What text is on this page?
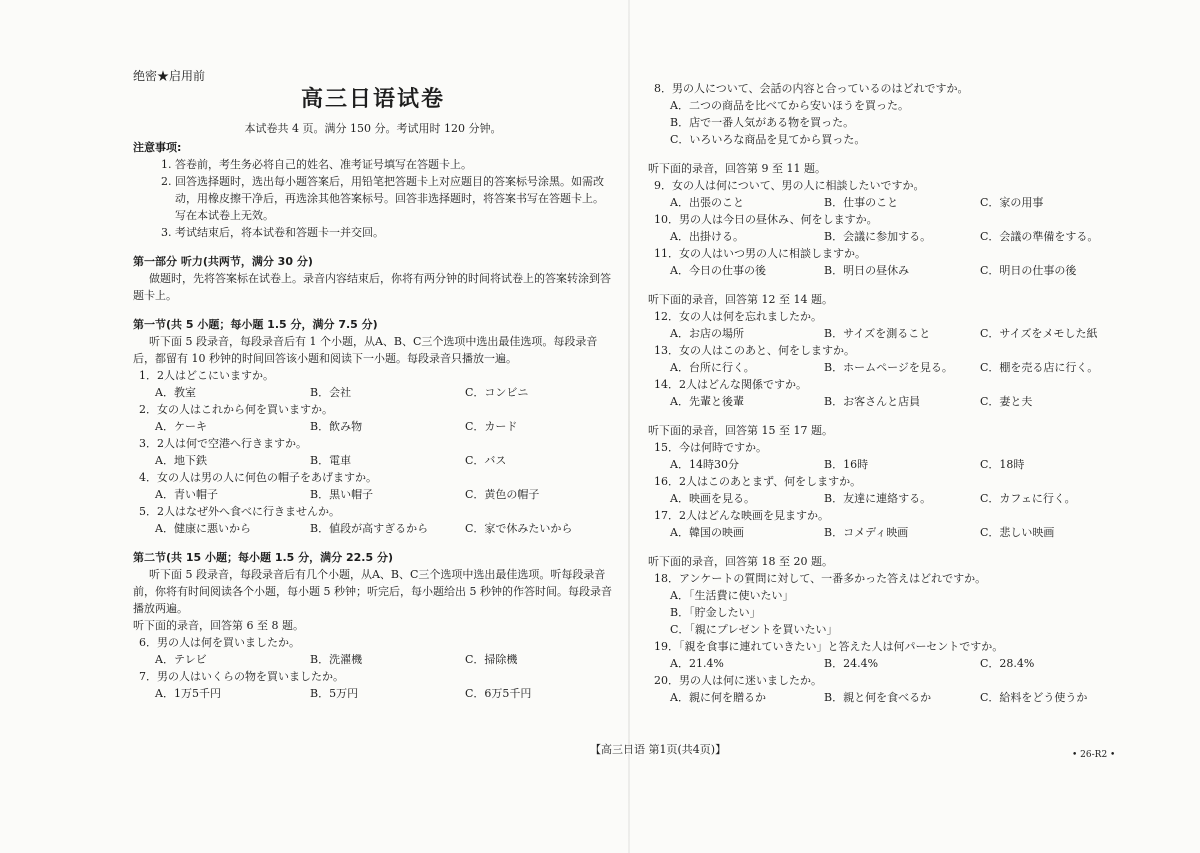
绝密★启用前
高三日语试卷
本试卷共 4 页。满分 150 分。考试用时 120 分钟。
注意事项:
1. 答卷前，考生务必将自己的姓名、准考证号填写在答题卡上。
2. 回答选择题时，选出每小题答案后，用铅笔把答题卡上对应题目的答案标号涂黑。如需改动，用橡皮擦干净后，再选涂其他答案标号。回答非选择题时，将答案书写在答题卡上。写在本试卷上无效。
3. 考试结束后，将本试卷和答题卡一并交回。
第一部分 听力(共两节，满分 30 分)
做题时，先将答案标在试卷上。录音内容结束后，你将有两分钟的时间将试卷上的答案转涂到答题卡上。
第一节(共 5 小题；每小题 1.5 分，满分 7.5 分)
听下面 5 段录音，每段录音后有 1 个小题，从A、B、C三个选项中选出最佳选项。每段录音后，都留有 10 秒钟的时间回答该小题和阅读下一小题。每段录音只播放一遍。
1．2人はどこにいますか。
A．教室	B．会社	C．コンビニ
2．女の人はこれから何を買いますか。
A．ケーキ	B．飲み物	C．カード
3．2人は何で空港へ行きますか。
A．地下鉄	B．電車	C．バス
4．女の人は男の人に何色の帽子をあげますか。
A．青い帽子	B．黒い帽子	C．黄色の帽子
5．2人はなぜ外へ食べに行きませんか。
A．健康に悪いから	B．値段が高すぎるから	C．家で休みたいから
第二节(共 15 小题；每小题 1.5 分，满分 22.5 分)
听下面 5 段录音，每段录音后有几个小题，从A、B、C三个选项中选出最佳选项。听每段录音前，你将有时间阅读各个小题，每小题 5 秒钟；听完后，每小题给出 5 秒钟的作答时间。每段录音播放两遍。
听下面的录音，回答第 6 至 8 题。
6．男の人は何を買いましたか。
A．テレビ	B．洗濯機	C．掃除機
7．男の人はいくらの物を買いましたか。
A．1万5千円	B．5万円	C．6万5千円
8．男の人について、会話の内容と合っているのはどれですか。
A．二つの商品を比べてから安いほうを買った。
B．店で一番人気がある物を買った。
C．いろいろな商品を見てから買った。
听下面的录音，回答第 9 至 11 题。
9．女の人は何について、男の人に相談したいですか。
A．出張のこと	B．仕事のこと	C．家の用事
10．男の人は今日の昼休み、何をしますか。
A．出掛ける。	B．会議に参加する。	C．会議の準備をする。
11．女の人はいつ男の人に相談しますか。
A．今日の仕事の後	B．明日の昼休み	C．明日の仕事の後
听下面的录音，回答第 12 至 14 题。
12．女の人は何を忘れましたか。
A．お店の場所	B．サイズを測ること	C．サイズをメモした紙
13．女の人はこのあと、何をしますか。
A．台所に行く。	B．ホームページを見る。	C．棚を売る店に行く。
14．2人はどんな関係ですか。
A．先輩と後輩	B．お客さんと店員	C．妻と夫
听下面的录音，回答第 15 至 17 题。
15．今は何時ですか。
A．14時30分	B．16時	C．18時
16．2人はこのあとまず、何をしますか。
A．映画を見る。	B．友達に連絡する。	C．カフェに行く。
17．2人はどんな映画を見ますか。
A．韓国の映画	B．コメディ映画	C．悲しい映画
听下面的录音，回答第 18 至 20 题。
18．アンケートの質問に対して、一番多かった答えはどれですか。
A．「生活費に使いたい」
B．「貯金したい」
C．「親にプレゼントを買いたい」
19．「親を食事に連れていきたい」と答えた人は何パーセントですか。
A．21.4%	B．24.4%	C．28.4%
20．男の人は何に迷いましたか。
A．親に何を贈るか	B．親と何を食べるか	C．給料をどう使うか
【高三日语 第1页(共4页)】	• 26-R2 •
